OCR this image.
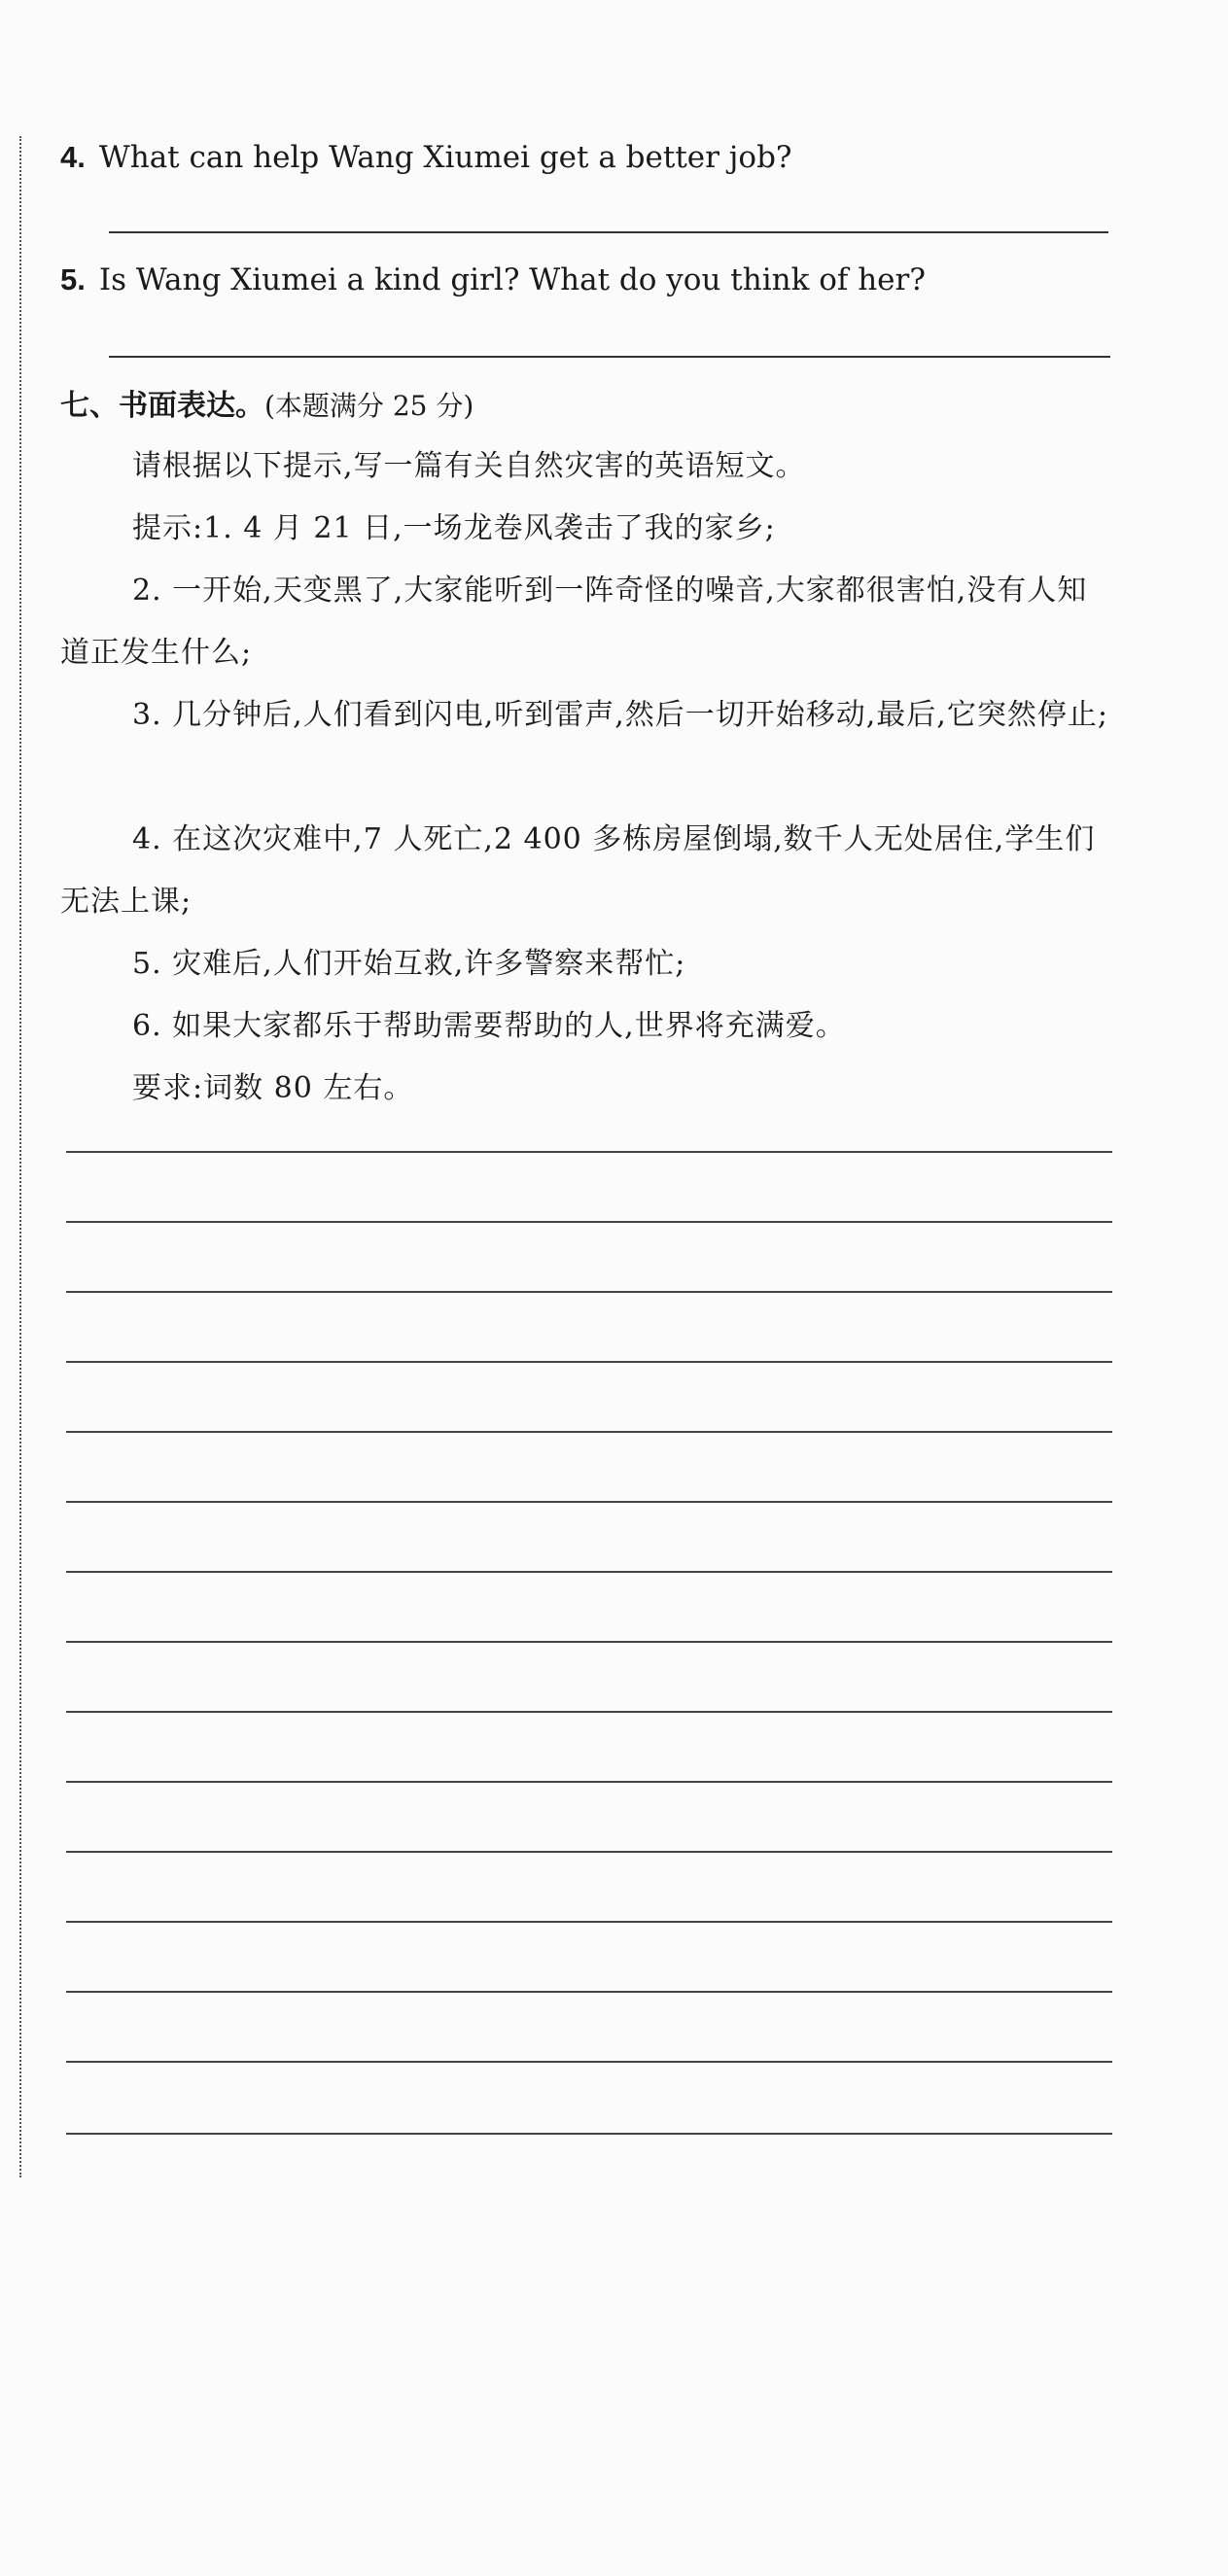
4. What can help Wang Xiumei get a better job?
5. Is Wang Xiumei a kind girl? What do you think of her?
七、书面表达。(本题满分 25 分)
请根据以下提示,写一篇有关自然灾害的英语短文。
提示:1. 4 月 21 日,一场龙卷风袭击了我的家乡;
2. 一开始,天变黑了,大家能听到一阵奇怪的噪音,大家都很害怕,没有人知道正发生什么;
3. 几分钟后,人们看到闪电,听到雷声,然后一切开始移动,最后,它突然停止;
4. 在这次灾难中,7 人死亡,2 400 多栋房屋倒塌,数千人无处居住,学生们无法上课;
5. 灾难后,人们开始互救,许多警察来帮忙;
6. 如果大家都乐于帮助需要帮助的人,世界将充满爱。
要求:词数 80 左右。
